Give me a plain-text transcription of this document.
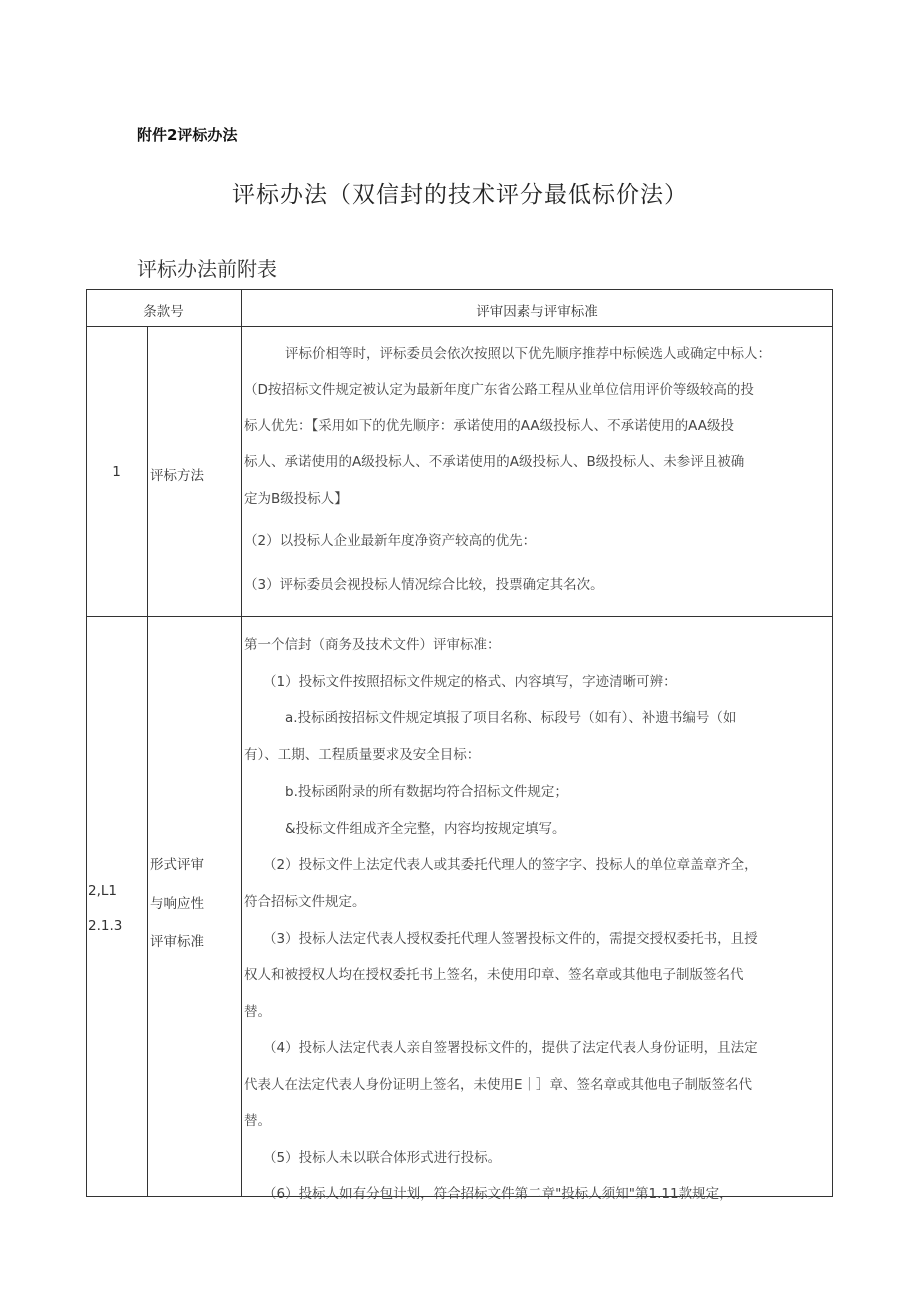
附件2评标办法
评标办法（双信封的技术评分最低标价法）
评标办法前附表
条款号	评审因素与评审标准
1	评标方法
评标价相等时，评标委员会依次按照以下优先顺序推荐中标候选人或确定中标人：
（D按招标文件规定被认定为最新年度广东省公路工程从业单位信用评价等级较高的投
标人优先：【采用如下的优先顺序：承诺使用的AA级投标人、不承诺使用的AA级投
标人、承诺使用的A级投标人、不承诺使用的A级投标人、B级投标人、未参评且被确
定为B级投标人】
（2）以投标人企业最新年度净资产较高的优先：
（3）评标委员会视投标人情况综合比较，投票确定其名次。
2,L1
2.1.3
形式评审
与响应性
评审标准
第一个信封（商务及技术文件）评审标准：
（1）投标文件按照招标文件规定的格式、内容填写，字迹清晰可辨：
a.投标函按招标文件规定填报了项目名称、标段号（如有）、补遗书编号（如
有）、工期、工程质量要求及安全目标：
b.投标函附录的所有数据均符合招标文件规定；
&投标文件组成齐全完整，内容均按规定填写。
（2）投标文件上法定代表人或其委托代理人的签字字、投标人的单位章盖章齐全，
符合招标文件规定。
（3）投标人法定代表人授权委托代理人签署投标文件的，需提交授权委托书，且授
权人和被授权人均在授权委托书上签名，未使用印章、签名章或其他电子制版签名代
替。
（4）投标人法定代表人亲自签署投标文件的，提供了法定代表人身份证明，且法定
代表人在法定代表人身份证明上签名，未使用E｜］章、签名章或其他电子制版签名代
替。
（5）投标人未以联合体形式进行投标。
（6）投标人如有分包计划，符合招标文件第二章"投标人须知"第1.11款规定，
